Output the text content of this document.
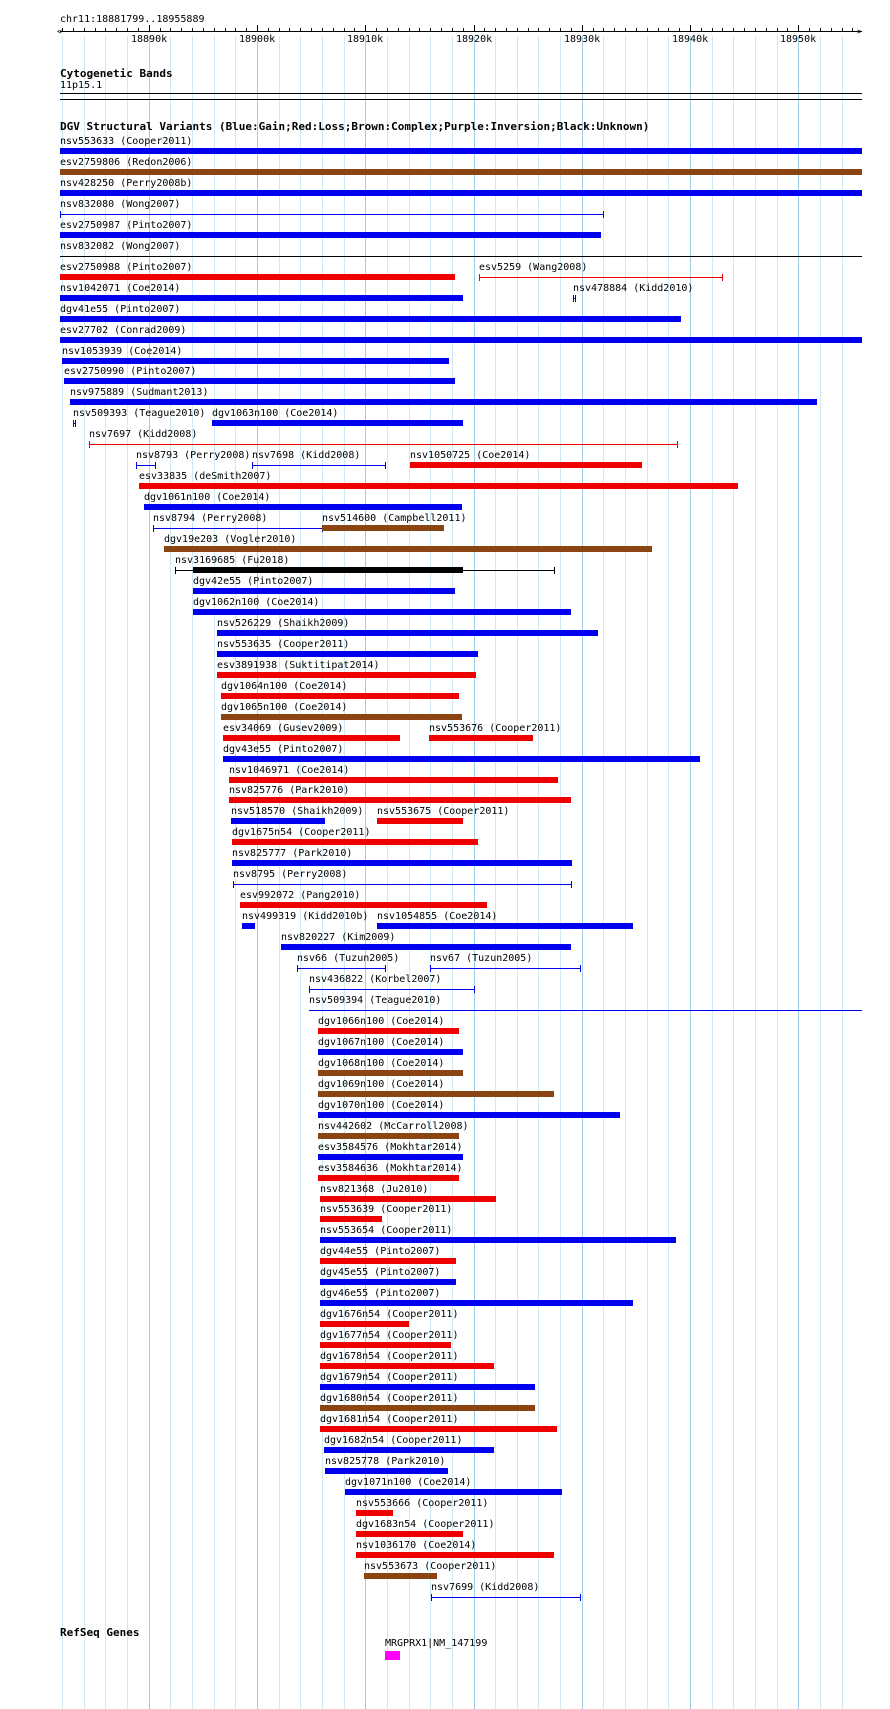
chr11:18881799..18955889
<	>
18890k	18900k	18910k	18920k	18930k	18940k	18950k
Cytogenetic Bands
11p15.1
DGV Structural Variants (Blue:Gain;Red:Loss;Brown:Complex;Purple:Inversion;Black:Unknown)
nsv553633 (Cooper2011)
esv2759806 (Redon2006)
nsv428250 (Perry2008b)
nsv832080 (Wong2007)
esv2750987 (Pinto2007)
nsv832082 (Wong2007)
esv2750988 (Pinto2007)	esv5259 (Wang2008)
nsv1042071 (Coe2014)	nsv478884 (Kidd2010)
dgv41e55 (Pinto2007)
esv27702 (Conrad2009)
nsv1053939 (Coe2014)
esv2750990 (Pinto2007)
nsv975889 (Sudmant2013)
nsv509393 (Teague2010) dgv1063n100 (Coe2014)
nsv7697 (Kidd2008)
nsv8793 (Perry2008) nsv7698 (Kidd2008)	nsv1050725 (Coe2014)
esv33835 (deSmith2007)
dgv1061n100 (Coe2014)
nsv8794 (Perry2008)	nsv514600 (Campbell2011)
dgv19e203 (Vogler2010)
nsv3169685 (Fu2018)
dgv42e55 (Pinto2007)
dgv1062n100 (Coe2014)
nsv526229 (Shaikh2009)
nsv553635 (Cooper2011)
esv3891938 (Suktitipat2014)
dgv1064n100 (Coe2014)
dgv1065n100 (Coe2014)
esv34069 (Gusev2009)	nsv553676 (Cooper2011)
dgv43e55 (Pinto2007)
nsv1046971 (Coe2014)
nsv825776 (Park2010)
nsv518570 (Shaikh2009) nsv553675 (Cooper2011)
dgv1675n54 (Cooper2011)
nsv825777 (Park2010)
nsv8795 (Perry2008)
esv992072 (Pang2010)
nsv499319 (Kidd2010b) nsv1054855 (Coe2014)
nsv820227 (Kim2009)
nsv66 (Tuzun2005)	nsv67 (Tuzun2005)
nsv436822 (Korbel2007)
nsv509394 (Teague2010)
dgv1066n100 (Coe2014)
dgv1067n100 (Coe2014)
dgv1068n100 (Coe2014)
dgv1069n100 (Coe2014)
dgv1070n100 (Coe2014)
nsv442602 (McCarroll2008)
esv3584576 (Mokhtar2014)
esv3584636 (Mokhtar2014)
nsv821368 (Ju2010)
nsv553639 (Cooper2011)
nsv553654 (Cooper2011)
dgv44e55 (Pinto2007)
dgv45e55 (Pinto2007)
dgv46e55 (Pinto2007)
dgv1676n54 (Cooper2011)
dgv1677n54 (Cooper2011)
dgv1678n54 (Cooper2011)
dgv1679n54 (Cooper2011)
dgv1680n54 (Cooper2011)
dgv1681n54 (Cooper2011)
dgv1682n54 (Cooper2011)
nsv825778 (Park2010)
dgv1071n100 (Coe2014)
nsv553666 (Cooper2011)
dgv1683n54 (Cooper2011)
nsv1036170 (Coe2014)
nsv553673 (Cooper2011)
nsv7699 (Kidd2008)
RefSeq Genes
MRGPRX1|NM_147199
